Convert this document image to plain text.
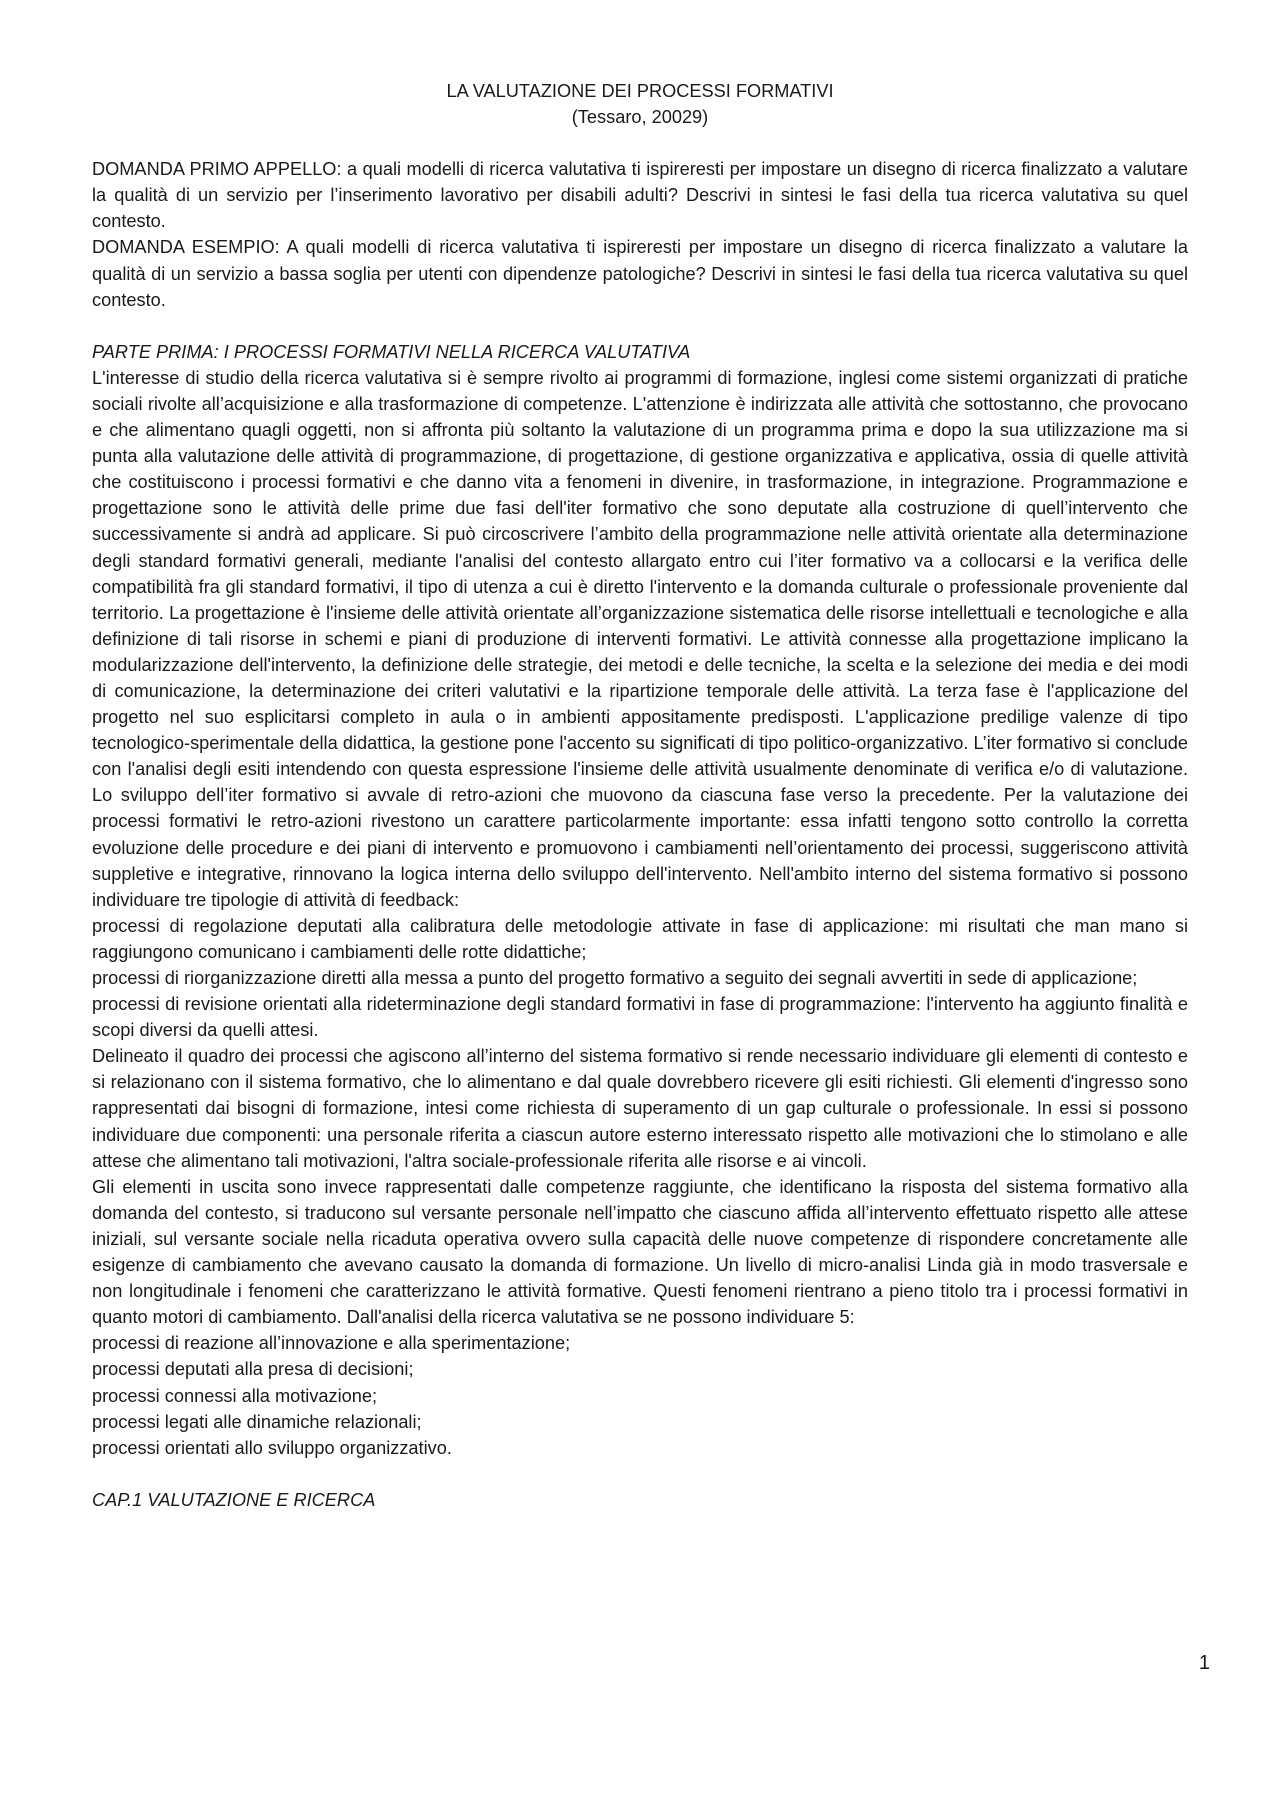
LA VALUTAZIONE DEI PROCESSI FORMATIVI

(Tessaro, 20029)

DOMANDA PRIMO APPELLO: a quali modelli di ricerca valutativa ti ispireresti per impostare un disegno di ricerca finalizzato a valutare la qualità di un servizio per l’inserimento lavorativo per disabili adulti? Descrivi in sintesi le fasi della tua ricerca valutativa su quel contesto.

DOMANDA ESEMPIO: A quali modelli di ricerca valutativa ti ispireresti per impostare un disegno di ricerca finalizzato a valutare la qualità di un servizio a bassa soglia per utenti con dipendenze patologiche? Descrivi in sintesi le fasi della tua ricerca valutativa su quel contesto.

PARTE PRIMA: I PROCESSI FORMATIVI NELLA RICERCA VALUTATIVA

L'interesse di studio della ricerca valutativa si è sempre rivolto ai programmi di formazione, inglesi come sistemi organizzati di pratiche sociali rivolte all’acquisizione e alla trasformazione di competenze. L'attenzione è indirizzata alle attività che sottostanno, che provocano e che alimentano quagli oggetti, non si affronta più soltanto la valutazione di un programma prima e dopo la sua utilizzazione ma si punta alla valutazione delle attività di programmazione, di progettazione, di gestione organizzativa e applicativa, ossia di quelle attività che costituiscono i processi formativi e che danno vita a fenomeni in divenire, in trasformazione, in integrazione. Programmazione e progettazione sono le attività delle prime due fasi dell'iter formativo che sono deputate alla costruzione di quell’intervento che successivamente si andrà ad applicare. Si può circoscrivere l’ambito della programmazione nelle attività orientate alla determinazione degli standard formativi generali, mediante l'analisi del contesto allargato entro cui l’iter formativo va a collocarsi e la verifica delle compatibilità fra gli standard formativi, il tipo di utenza a cui è diretto l'intervento e la domanda culturale o professionale proveniente dal territorio. La progettazione è l'insieme delle attività orientate all’organizzazione sistematica delle risorse intellettuali e tecnologiche e alla definizione di tali risorse in schemi e piani di produzione di interventi formativi. Le attività connesse alla progettazione implicano la modularizzazione dell'intervento, la definizione delle strategie, dei metodi e delle tecniche, la scelta e la selezione dei media e dei modi di comunicazione, la determinazione dei criteri valutativi e la ripartizione temporale delle attività. La terza fase è l'applicazione del progetto nel suo esplicitarsi completo in aula o in ambienti appositamente predisposti. L'applicazione predilige valenze di tipo tecnologico-sperimentale della didattica, la gestione pone l'accento su significati di tipo politico-organizzativo. L’iter formativo si conclude con l'analisi degli esiti intendendo con questa espressione l'insieme delle attività usualmente denominate di verifica e/o di valutazione. Lo sviluppo dell’iter formativo si avvale di retro-azioni che muovono da ciascuna fase verso la precedente. Per la valutazione dei processi formativi le retro-azioni rivestono un carattere particolarmente importante: essa infatti tengono sotto controllo la corretta evoluzione delle procedure e dei piani di intervento e promuovono i cambiamenti nell’orientamento dei processi, suggeriscono attività suppletive e integrative, rinnovano la logica interna dello sviluppo dell'intervento. Nell'ambito interno del sistema formativo si possono individuare tre tipologie di attività di feedback:

processi di regolazione deputati alla calibratura delle metodologie attivate in fase di applicazione: mi risultati che man mano si raggiungono comunicano i cambiamenti delle rotte didattiche;

processi di riorganizzazione diretti alla messa a punto del progetto formativo a seguito dei segnali avvertiti in sede di applicazione;

processi di revisione orientati alla rideterminazione degli standard formativi in fase di programmazione: l'intervento ha aggiunto finalità e scopi diversi da quelli attesi.

Delineato il quadro dei processi che agiscono all’interno del sistema formativo si rende necessario individuare gli elementi di contesto e si relazionano con il sistema formativo, che lo alimentano e dal quale dovrebbero ricevere gli esiti richiesti. Gli elementi d'ingresso sono rappresentati dai bisogni di formazione, intesi come richiesta di superamento di un gap culturale o professionale. In essi si possono individuare due componenti: una personale riferita a ciascun autore esterno interessato rispetto alle motivazioni che lo stimolano e alle attese che alimentano tali motivazioni, l'altra sociale-professionale riferita alle risorse e ai vincoli.

Gli elementi in uscita sono invece rappresentati dalle competenze raggiunte, che identificano la risposta del sistema formativo alla domanda del contesto, si traducono sul versante personale nell’impatto che ciascuno affida all’intervento effettuato rispetto alle attese iniziali, sul versante sociale nella ricaduta operativa ovvero sulla capacità delle nuove competenze di rispondere concretamente alle esigenze di cambiamento che avevano causato la domanda di formazione. Un livello di micro-analisi Linda già in modo trasversale e non longitudinale i fenomeni che caratterizzano le attività formative. Questi fenomeni rientrano a pieno titolo tra i processi formativi in quanto motori di cambiamento. Dall'analisi della ricerca valutativa se ne possono individuare 5:

processi di reazione all’innovazione e alla sperimentazione;

processi deputati alla presa di decisioni;

processi connessi alla motivazione;

processi legati alle dinamiche relazionali;

processi orientati allo sviluppo organizzativo.

CAP.1 VALUTAZIONE E RICERCA

1
